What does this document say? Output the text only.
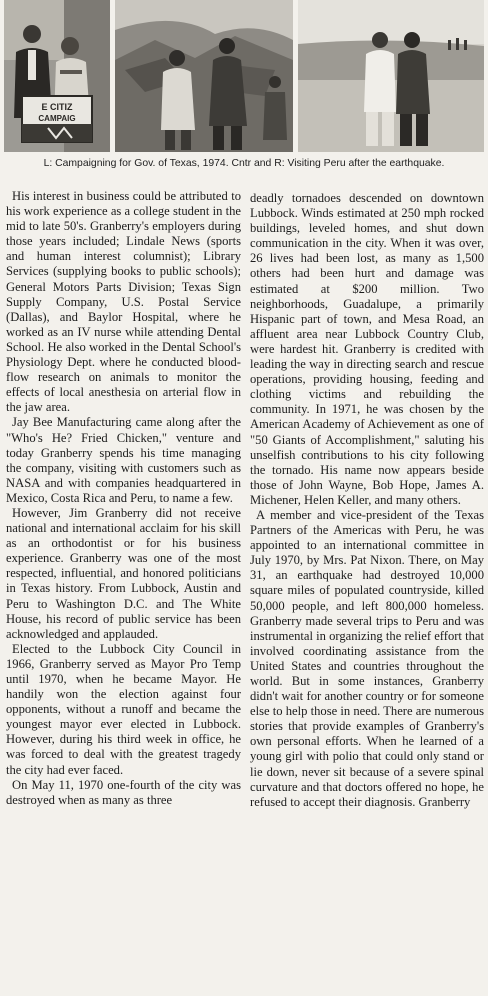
E CITIZ
CAMPAIG
L: Campaigning for Gov. of Texas, 1974. Cntr and R: Visiting Peru after the earthquake.

His interest in business could be attributed to his work experience as a college student in the mid to late 50's. Granberry's employers during those years included; Lindale News (sports and human interest columnist); Library Services (supplying books to public schools); General Motors Parts Division; Texas Sign Supply Company, U.S. Postal Service (Dallas), and Baylor Hospital, where he worked as an IV nurse while attending Dental School. He also worked in the Dental School's Physiology Dept. where he conducted blood-flow research on animals to monitor the effects of local anesthesia on arterial flow in the jaw area.

Jay Bee Manufacturing came along after the "Who's He? Fried Chicken," venture and today Granberry spends his time managing the company, visiting with customers such as NASA and with companies headquartered in Mexico, Costa Rica and Peru, to name a few.

However, Jim Granberry did not receive national and international acclaim for his skill as an orthodontist or for his business experience. Granberry was one of the most respected, influential, and honored politicians in Texas history. From Lubbock, Austin and Peru to Washington D.C. and The White House, his record of public service has been acknowledged and applauded.

Elected to the Lubbock City Council in 1966, Granberry served as Mayor Pro Temp until 1970, when he became Mayor. He handily won the election against four opponents, without a runoff and became the youngest mayor ever elected in Lubbock. However, during his third week in office, he was forced to deal with the greatest tragedy the city had ever faced.

On May 11, 1970 one-fourth of the city was destroyed when as many as three

deadly tornadoes descended on downtown Lubbock. Winds estimated at 250 mph rocked buildings, leveled homes, and shut down communication in the city. When it was over, 26 lives had been lost, as many as 1,500 others had been hurt and damage was estimated at $200 million. Two neighborhoods, Guadalupe, a primarily Hispanic part of town, and Mesa Road, an affluent area near Lubbock Country Club, were hardest hit. Granberry is credited with leading the way in directing search and rescue operations, providing housing, feeding and clothing victims and rebuilding the community. In 1971, he was chosen by the American Academy of Achievement as one of "50 Giants of Accomplishment," saluting his unselfish contributions to his city following the tornado. His name now appears beside those of John Wayne, Bob Hope, James A. Michener, Helen Keller, and many others.

A member and vice-president of the Texas Partners of the Americas with Peru, he was appointed to an international committee in July 1970, by Mrs. Pat Nixon. There, on May 31, an earthquake had destroyed 10,000 square miles of populated countryside, killed 50,000 people, and left 800,000 homeless. Granberry made several trips to Peru and was instrumental in organizing the relief effort that involved coordinating assistance from the United States and countries throughout the world. But in some instances, Granberry didn't wait for another country or for someone else to help those in need. There are numerous stories that provide examples of Granberry's own personal efforts. When he learned of a young girl with polio that could only stand or lie down, never sit because of a severe spinal curvature and that doctors offered no hope, he refused to accept their diagnosis. Granberry
